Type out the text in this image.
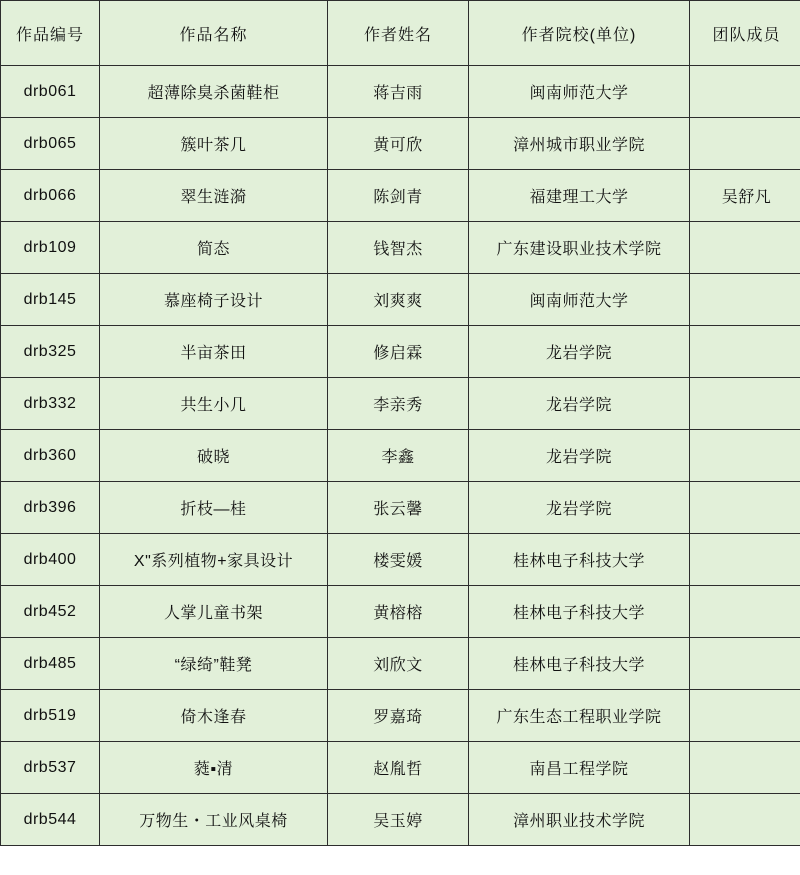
作品编号	作品名称	作者姓名	作者院校(单位)	团队成员
drb061	超薄除臭杀菌鞋柜	蒋吉雨	闽南师范大学	
drb065	簇叶茶几	黄可欣	漳州城市职业学院	
drb066	翠生涟漪	陈剑青	福建理工大学	吴舒凡
drb109	简态	钱智杰	广东建设职业技术学院	
drb145	慕座椅子设计	刘爽爽	闽南师范大学	
drb325	半亩茶田	修启霖	龙岩学院	
drb332	共生小几	李亲秀	龙岩学院	
drb360	破晓	李鑫	龙岩学院	
drb396	折枝—桂	张云馨	龙岩学院	
drb400	X"系列植物+家具设计	楼雯媛	桂林电子科技大学	
drb452	人掌儿童书架	黄榕榕	桂林电子科技大学	
drb485	“绿绮”鞋凳	刘欣文	桂林电子科技大学	
drb519	倚木逢春	罗嘉琦	广东生态工程职业学院	
drb537	蕤▪清	赵胤哲	南昌工程学院	
drb544	万物生・工业风桌椅	吴玉婷	漳州职业技术学院	
